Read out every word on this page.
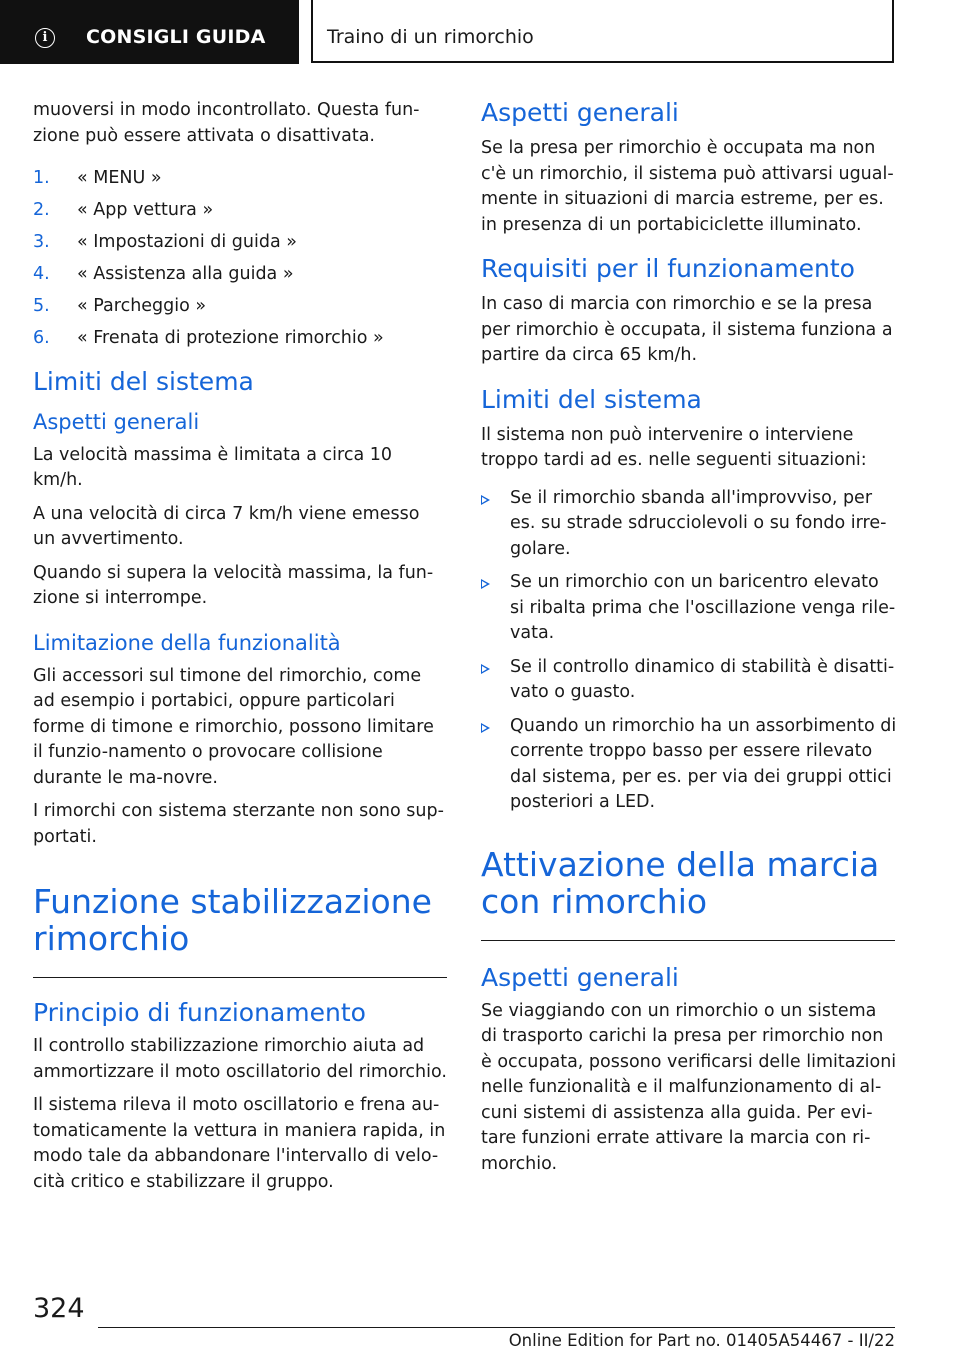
i	CONSIGLI GUIDA	Traino di un rimorchio

muoversi in modo incontrollato. Questa fun-zione può essere attivata o disattivata.

1. « MENU »
2. « App vettura »
3. « Impostazioni di guida »
4. « Assistenza alla guida »
5. « Parcheggio »
6. « Frenata di protezione rimorchio »
Limiti del sistema
Aspetti generali

La velocità massima è limitata a circa 10 km/h.

A una velocità di circa 7 km/h viene emesso un avvertimento.

Quando si supera la velocità massima, la fun-zione si interrompe.

Limitazione della funzionalità

Gli accessori sul timone del rimorchio, come ad esempio i portabici, oppure particolari forme di timone e rimorchio, possono limitare il funzio-namento o provocare collisione durante le ma-novre.

I rimorchi con sistema sterzante non sono sup-portati.

Funzione stabilizzazione rimorchio
Principio di funzionamento

Il controllo stabilizzazione rimorchio aiuta ad ammortizzare il moto oscillatorio del rimorchio.

Il sistema rileva il moto oscillatorio e frena au-tomaticamente la vettura in maniera rapida, in modo tale da abbandonare l'intervallo di velo-cità critico e stabilizzare il gruppo.

Aspetti generali

Se la presa per rimorchio è occupata ma non c'è un rimorchio, il sistema può attivarsi ugual-mente in situazioni di marcia estreme, per es. in presenza di un portabiciclette illuminato.

Requisiti per il funzionamento

In caso di marcia con rimorchio e se la presa per rimorchio è occupata, il sistema funziona a partire da circa 65 km/h.

Limiti del sistema

Il sistema non può intervenire o interviene troppo tardi ad es. nelle seguenti situazioni:

Se il rimorchio sbanda all'improvviso, per es. su strade sdrucciolevoli o su fondo irre-golare.
Se un rimorchio con un baricentro elevato si ribalta prima che l'oscillazione venga rile-vata.
Se il controllo dinamico di stabilità è disatti-vato o guasto.
Quando un rimorchio ha un assorbimento di corrente troppo basso per essere rilevato dal sistema, per es. per via dei gruppi ottici posteriori a LED.
Attivazione della marcia con rimorchio
Aspetti generali

Se viaggiando con un rimorchio o un sistema di trasporto carichi la presa per rimorchio non è occupata, possono verificarsi delle limitazioni nelle funzionalità e il malfunzionamento di al-cuni sistemi di assistenza alla guida. Per evi-tare funzioni errate attivare la marcia con ri-morchio.

324
Online Edition for Part no. 01405A54467 - II/22
